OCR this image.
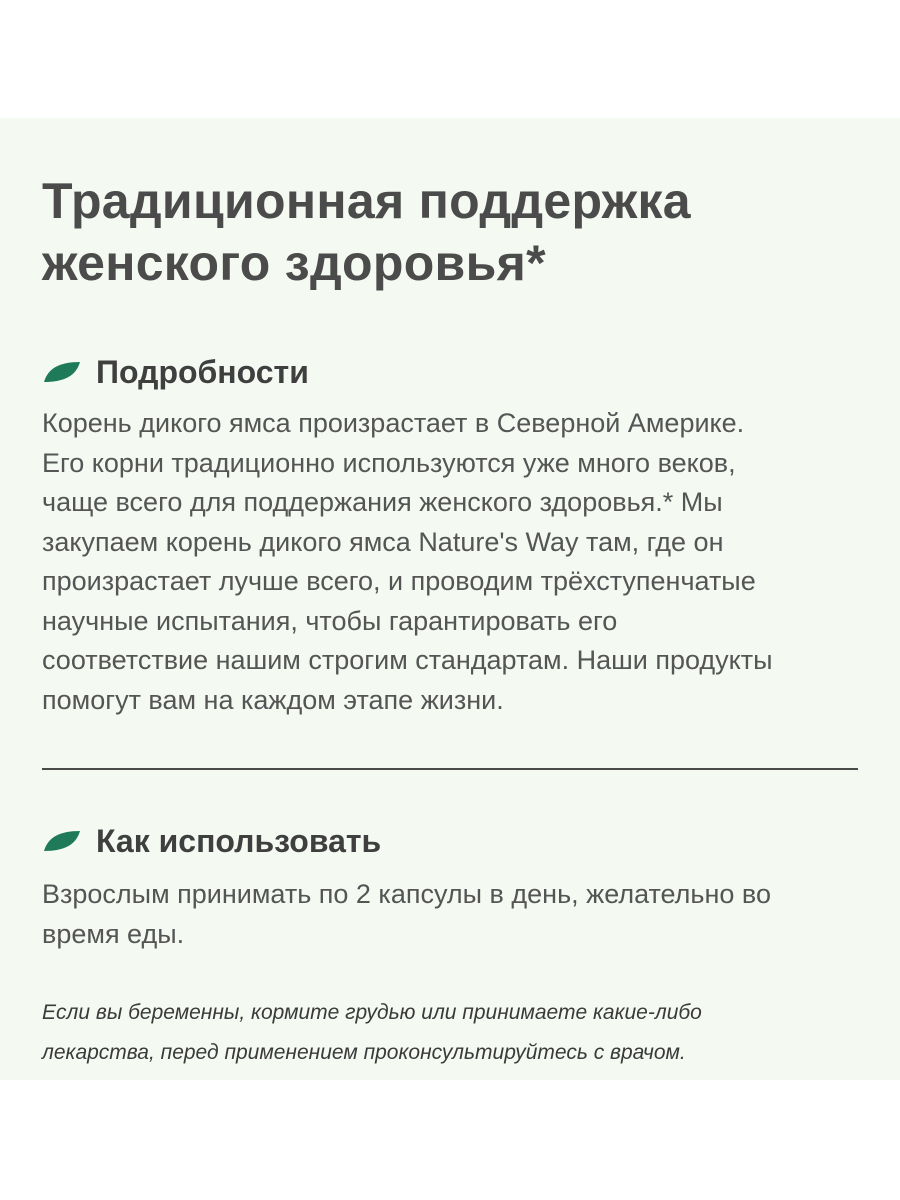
Традиционная поддержка
женского здоровья*
Подробности

Корень дикого ямса произрастает в Северной Америке.
Его корни традиционно используются уже много веков,
чаще всего для поддержания женского здоровья.* Мы
закупаем корень дикого ямса Nature's Way там, где он
произрастает лучше всего, и проводим трёхступенчатые
научные испытания, чтобы гарантировать его
соответствие нашим строгим стандартам. Наши продукты
помогут вам на каждом этапе жизни.

Как использовать

Взрослым принимать по 2 капсулы в день, желательно во
время еды.

Если вы беременны, кормите грудью или принимаете какие-либо
лекарства, перед применением проконсультируйтесь с врачом.
